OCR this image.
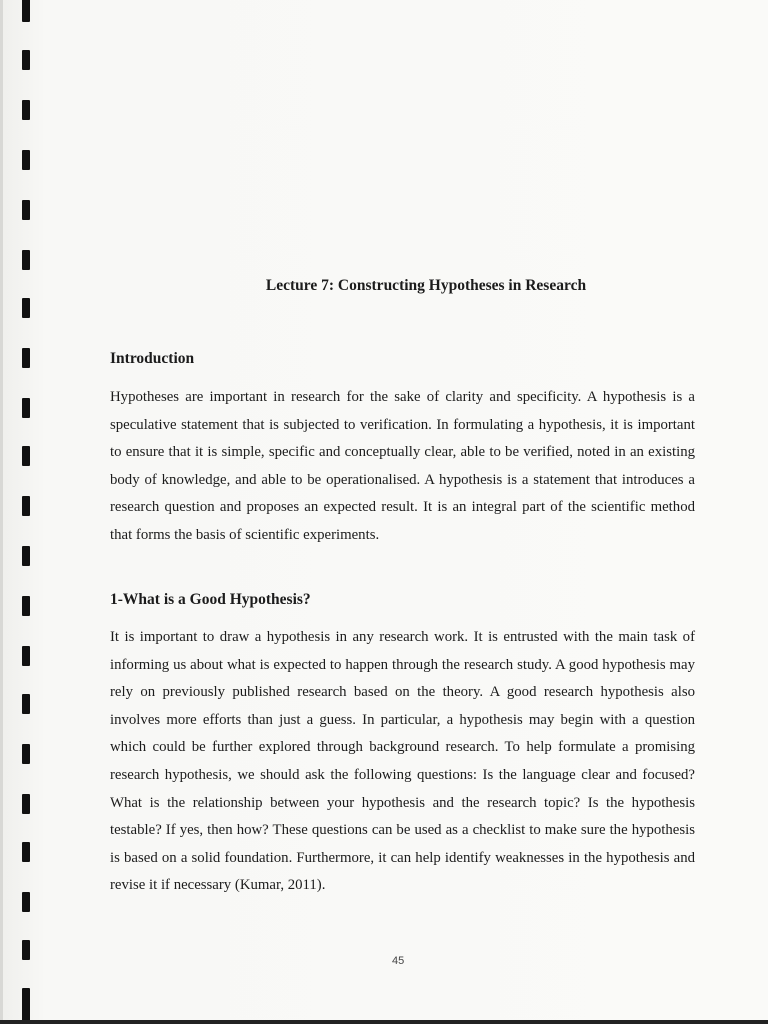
Lecture 7: Constructing Hypotheses in Research
Introduction

Hypotheses are important in research for the sake of clarity and specificity. A hypothesis is a speculative statement that is subjected to verification. In formulating a hypothesis, it is important to ensure that it is simple, specific and conceptually clear, able to be verified, noted in an existing body of knowledge, and able to be operationalised. A hypothesis is a statement that introduces a research question and proposes an expected result. It is an integral part of the scientific method that forms the basis of scientific experiments.

1-What is a Good Hypothesis?

It is important to draw a hypothesis in any research work. It is entrusted with the main task of informing us about what is expected to happen through the research study. A good hypothesis may rely on previously published research based on the theory. A good research hypothesis also involves more efforts than just a guess. In particular, a hypothesis may begin with a question which could be further explored through background research. To help formulate a promising research hypothesis, we should ask the following questions: Is the language clear and focused? What is the relationship between your hypothesis and the research topic? Is the hypothesis testable? If yes, then how? These questions can be used as a checklist to make sure the hypothesis is based on a solid foundation. Furthermore, it can help identify weaknesses in the hypothesis and revise it if necessary (Kumar, 2011).

45
